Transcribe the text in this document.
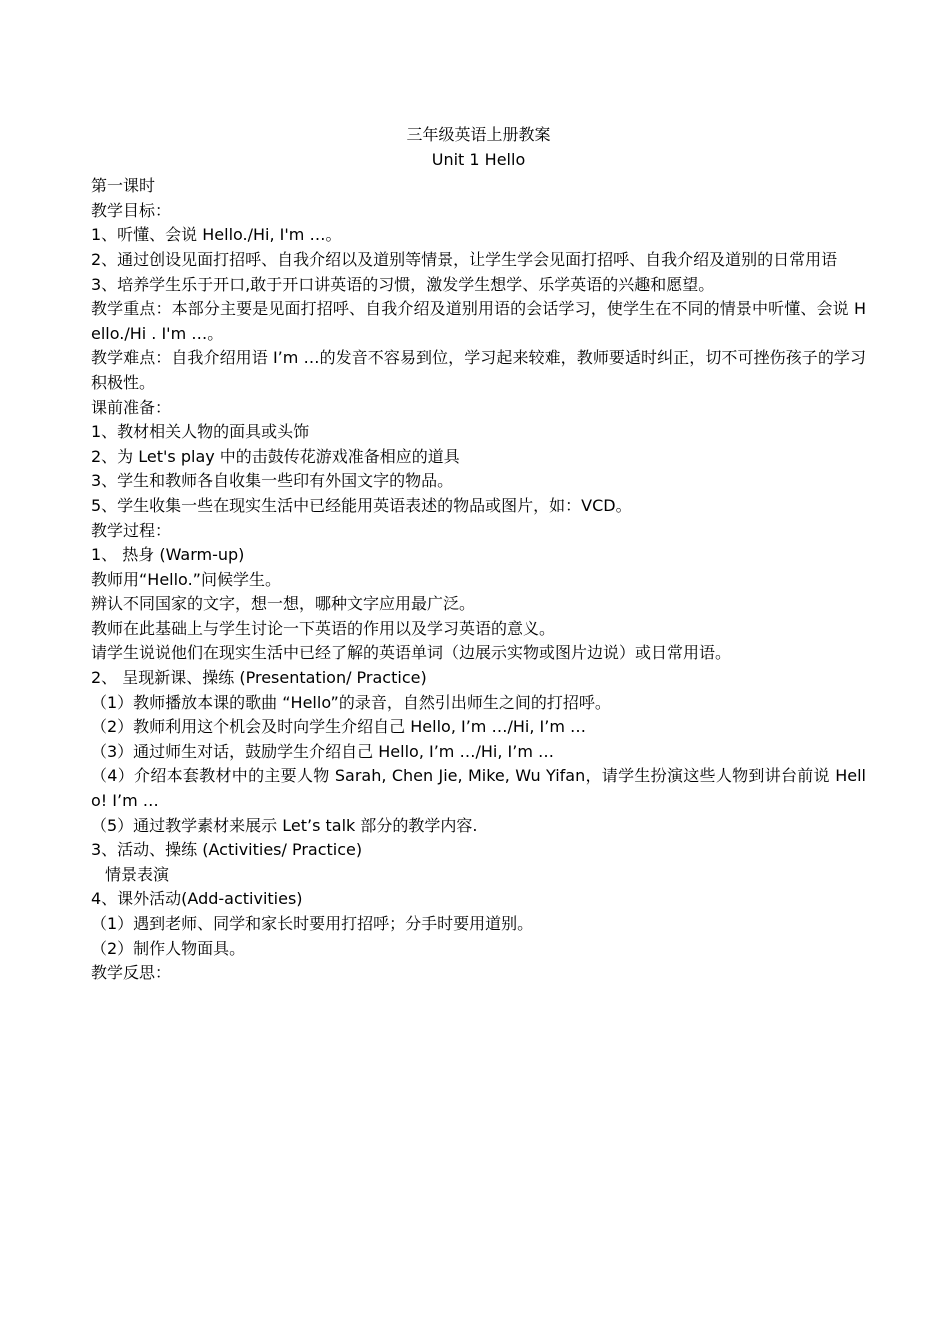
三年级英语上册教案

Unit 1 Hello

第一课时

教学目标：

1、听懂、会说 Hello./Hi, I'm …。

2、通过创设见面打招呼、自我介绍以及道别等情景，让学生学会见面打招呼、自我介绍及道别的日常用语

3、培养学生乐于开口,敢于开口讲英语的习惯，激发学生想学、乐学英语的兴趣和愿望。

教学重点：本部分主要是见面打招呼、自我介绍及道别用语的会话学习，使学生在不同的情景中听懂、会说 Hello./Hi . I'm …。

教学难点：自我介绍用语 I’m …的发音不容易到位，学习起来较难，教师要适时纠正，切不可挫伤孩子的学习积极性。

课前准备：

1、教材相关人物的面具或头饰

2、为 Let's play 中的击鼓传花游戏准备相应的道具

3、学生和教师各自收集一些印有外国文字的物品。

5、学生收集一些在现实生活中已经能用英语表述的物品或图片，如：VCD。

教学过程：

1、 热身 (Warm-up)

教师用“Hello.”问候学生。

辨认不同国家的文字，想一想，哪种文字应用最广泛。

教师在此基础上与学生讨论一下英语的作用以及学习英语的意义。

请学生说说他们在现实生活中已经了解的英语单词（边展示实物或图片边说）或日常用语。

2、 呈现新课、操练 (Presentation/ Practice)

（1）教师播放本课的歌曲 “Hello”的录音，自然引出师生之间的打招呼。

（2）教师利用这个机会及时向学生介绍自己 Hello, I’m …/Hi, I’m …

（3）通过师生对话，鼓励学生介绍自己 Hello, I’m …/Hi, I’m …

（4）介绍本套教材中的主要人物 Sarah, Chen Jie, Mike, Wu Yifan，请学生扮演这些人物到讲台前说 Hello! I’m …

（5）通过教学素材来展示 Let’s talk 部分的教学内容.

3、活动、操练 (Activities/ Practice)

情景表演

4、课外活动(Add-activities)

（1）遇到老师、同学和家长时要用打招呼；分手时要用道别。

（2）制作人物面具。

教学反思：
